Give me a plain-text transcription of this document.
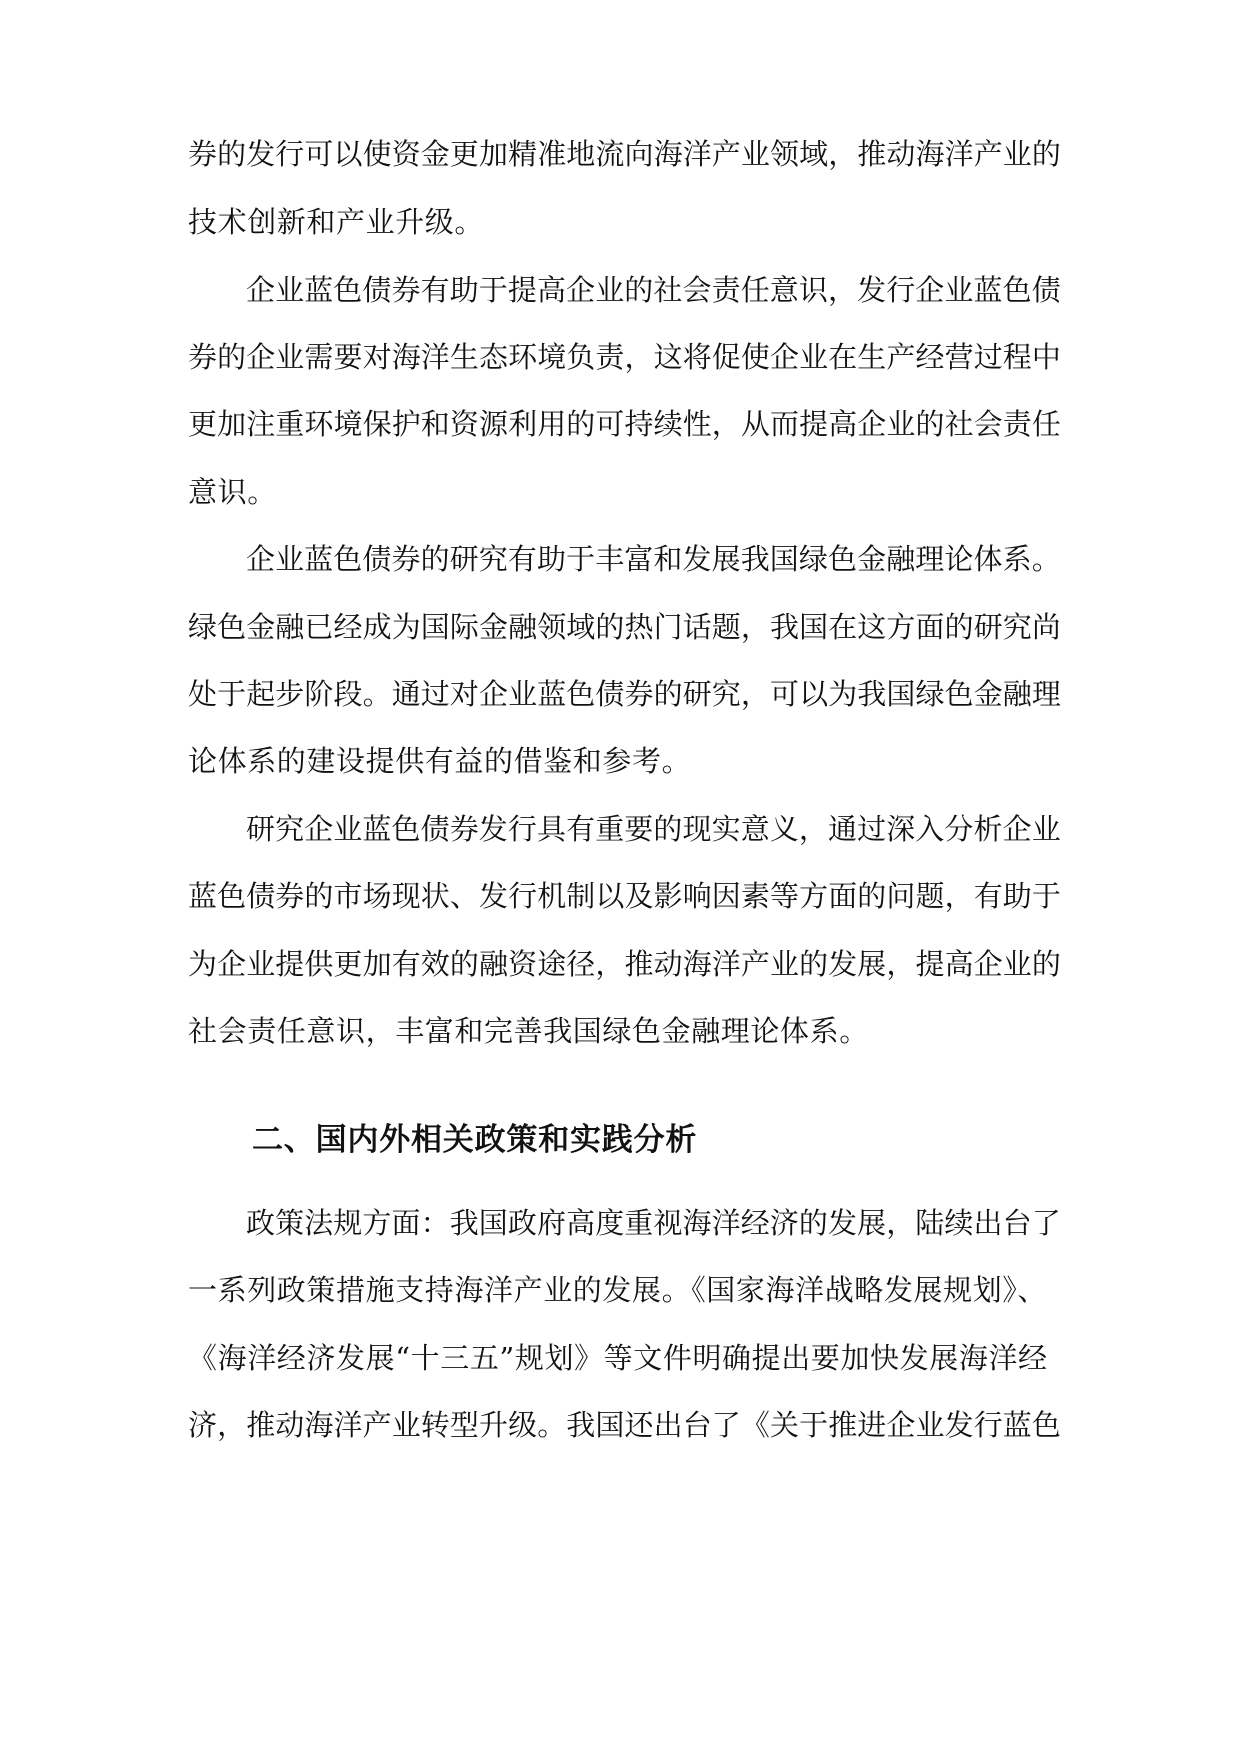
券的发行可以使资金更加精准地流向海洋产业领域，推动海洋产业的
技术创新和产业升级。
企业蓝色债券有助于提高企业的社会责任意识，发行企业蓝色债
券的企业需要对海洋生态环境负责，这将促使企业在生产经营过程中
更加注重环境保护和资源利用的可持续性，从而提高企业的社会责任
意识。
企业蓝色债券的研究有助于丰富和发展我国绿色金融理论体系。
绿色金融已经成为国际金融领域的热门话题，我国在这方面的研究尚
处于起步阶段。通过对企业蓝色债券的研究，可以为我国绿色金融理
论体系的建设提供有益的借鉴和参考。
研究企业蓝色债券发行具有重要的现实意义，通过深入分析企业
蓝色债券的市场现状、发行机制以及影响因素等方面的问题，有助于
为企业提供更加有效的融资途径，推动海洋产业的发展，提高企业的
社会责任意识，丰富和完善我国绿色金融理论体系。
二、国内外相关政策和实践分析
政策法规方面：我国政府高度重视海洋经济的发展，陆续出台了
一系列政策措施支持海洋产业的发展。《国家海洋战略发展规划》、
《海洋经济发展“十三五”规划》等文件明确提出要加快发展海洋经
济，推动海洋产业转型升级。我国还出台了《关于推进企业发行蓝色
